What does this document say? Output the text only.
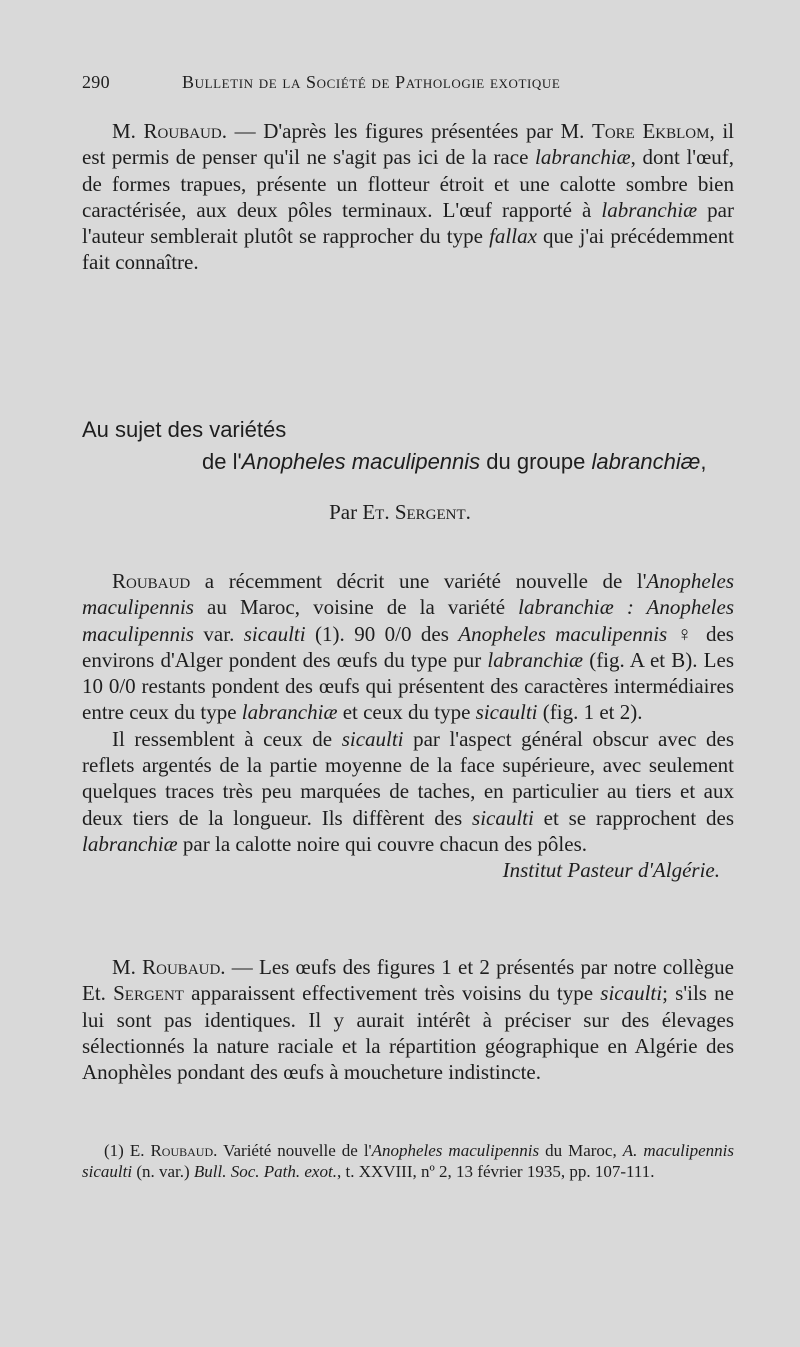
290	Bulletin de la Société de Pathologie exotique

M. Roubaud. — D'après les figures présentées par M. Tore Ekblom, il est permis de penser qu'il ne s'agit pas ici de la race labranchiæ, dont l'œuf, de formes trapues, présente un flotteur étroit et une calotte sombre bien caractérisée, aux deux pôles terminaux. L'œuf rapporté à labranchiæ par l'auteur semblerait plutôt se rapprocher du type fallax que j'ai précédemment fait connaître.

Au sujet des variétés
de l'Anopheles maculipennis du groupe labranchiæ,
Par Et. Sergent.

Roubaud a récemment décrit une variété nouvelle de l'Anopheles maculipennis au Maroc, voisine de la variété labranchiæ : Anopheles maculipennis var. sicaulti (1). 90 0/0 des Anopheles maculipennis ♀ des environs d'Alger pondent des œufs du type pur labranchiæ (fig. A et B). Les 10 0/0 restants pondent des œufs qui présentent des caractères intermédiaires entre ceux du type labranchiæ et ceux du type sicaulti (fig. 1 et 2).

Il ressemblent à ceux de sicaulti par l'aspect général obscur avec des reflets argentés de la partie moyenne de la face supérieure, avec seulement quelques traces très peu marquées de taches, en particulier au tiers et aux deux tiers de la longueur. Ils diffèrent des sicaulti et se rapprochent des labranchiæ par la calotte noire qui couvre chacun des pôles.

Institut Pasteur d'Algérie.

M. Roubaud. — Les œufs des figures 1 et 2 présentés par notre collègue Et. Sergent apparaissent effectivement très voisins du type sicaulti; s'ils ne lui sont pas identiques. Il y aurait intérêt à préciser sur des élevages sélectionnés la nature raciale et la répartition géographique en Algérie des Anophèles pondant des œufs à moucheture indistincte.

(1) E. Roubaud. Variété nouvelle de l'Anopheles maculipennis du Maroc, A. maculipennis sicaulti (n. var.) Bull. Soc. Path. exot., t. XXVIII, nº 2, 13 février 1935, pp. 107-111.
